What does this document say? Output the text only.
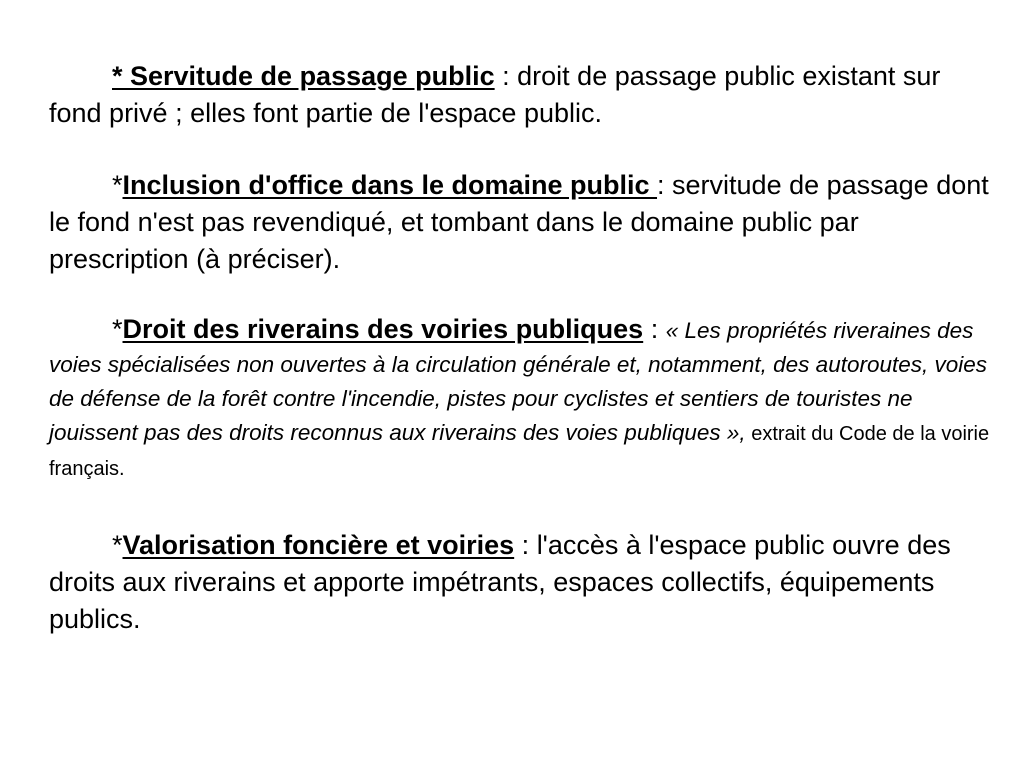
* Servitude de passage public : droit de passage public existant sur fond privé ; elles font partie de l'espace public.

*Inclusion d'office dans le domaine public : servitude de passage dont le fond n'est pas revendiqué, et tombant dans le domaine public par prescription (à préciser).

*Droit des riverains des voiries publiques : « Les propriétés riveraines des voies spécialisées non ouvertes à la circulation générale et, notamment, des autoroutes, voies de défense de la forêt contre l'incendie, pistes pour cyclistes et sentiers de touristes ne jouissent pas des droits reconnus aux riverains des voies publiques », extrait du Code de la voirie français.

*Valorisation foncière et voiries : l'accès à l'espace public ouvre des droits aux riverains et apporte impétrants, espaces collectifs, équipements publics.
